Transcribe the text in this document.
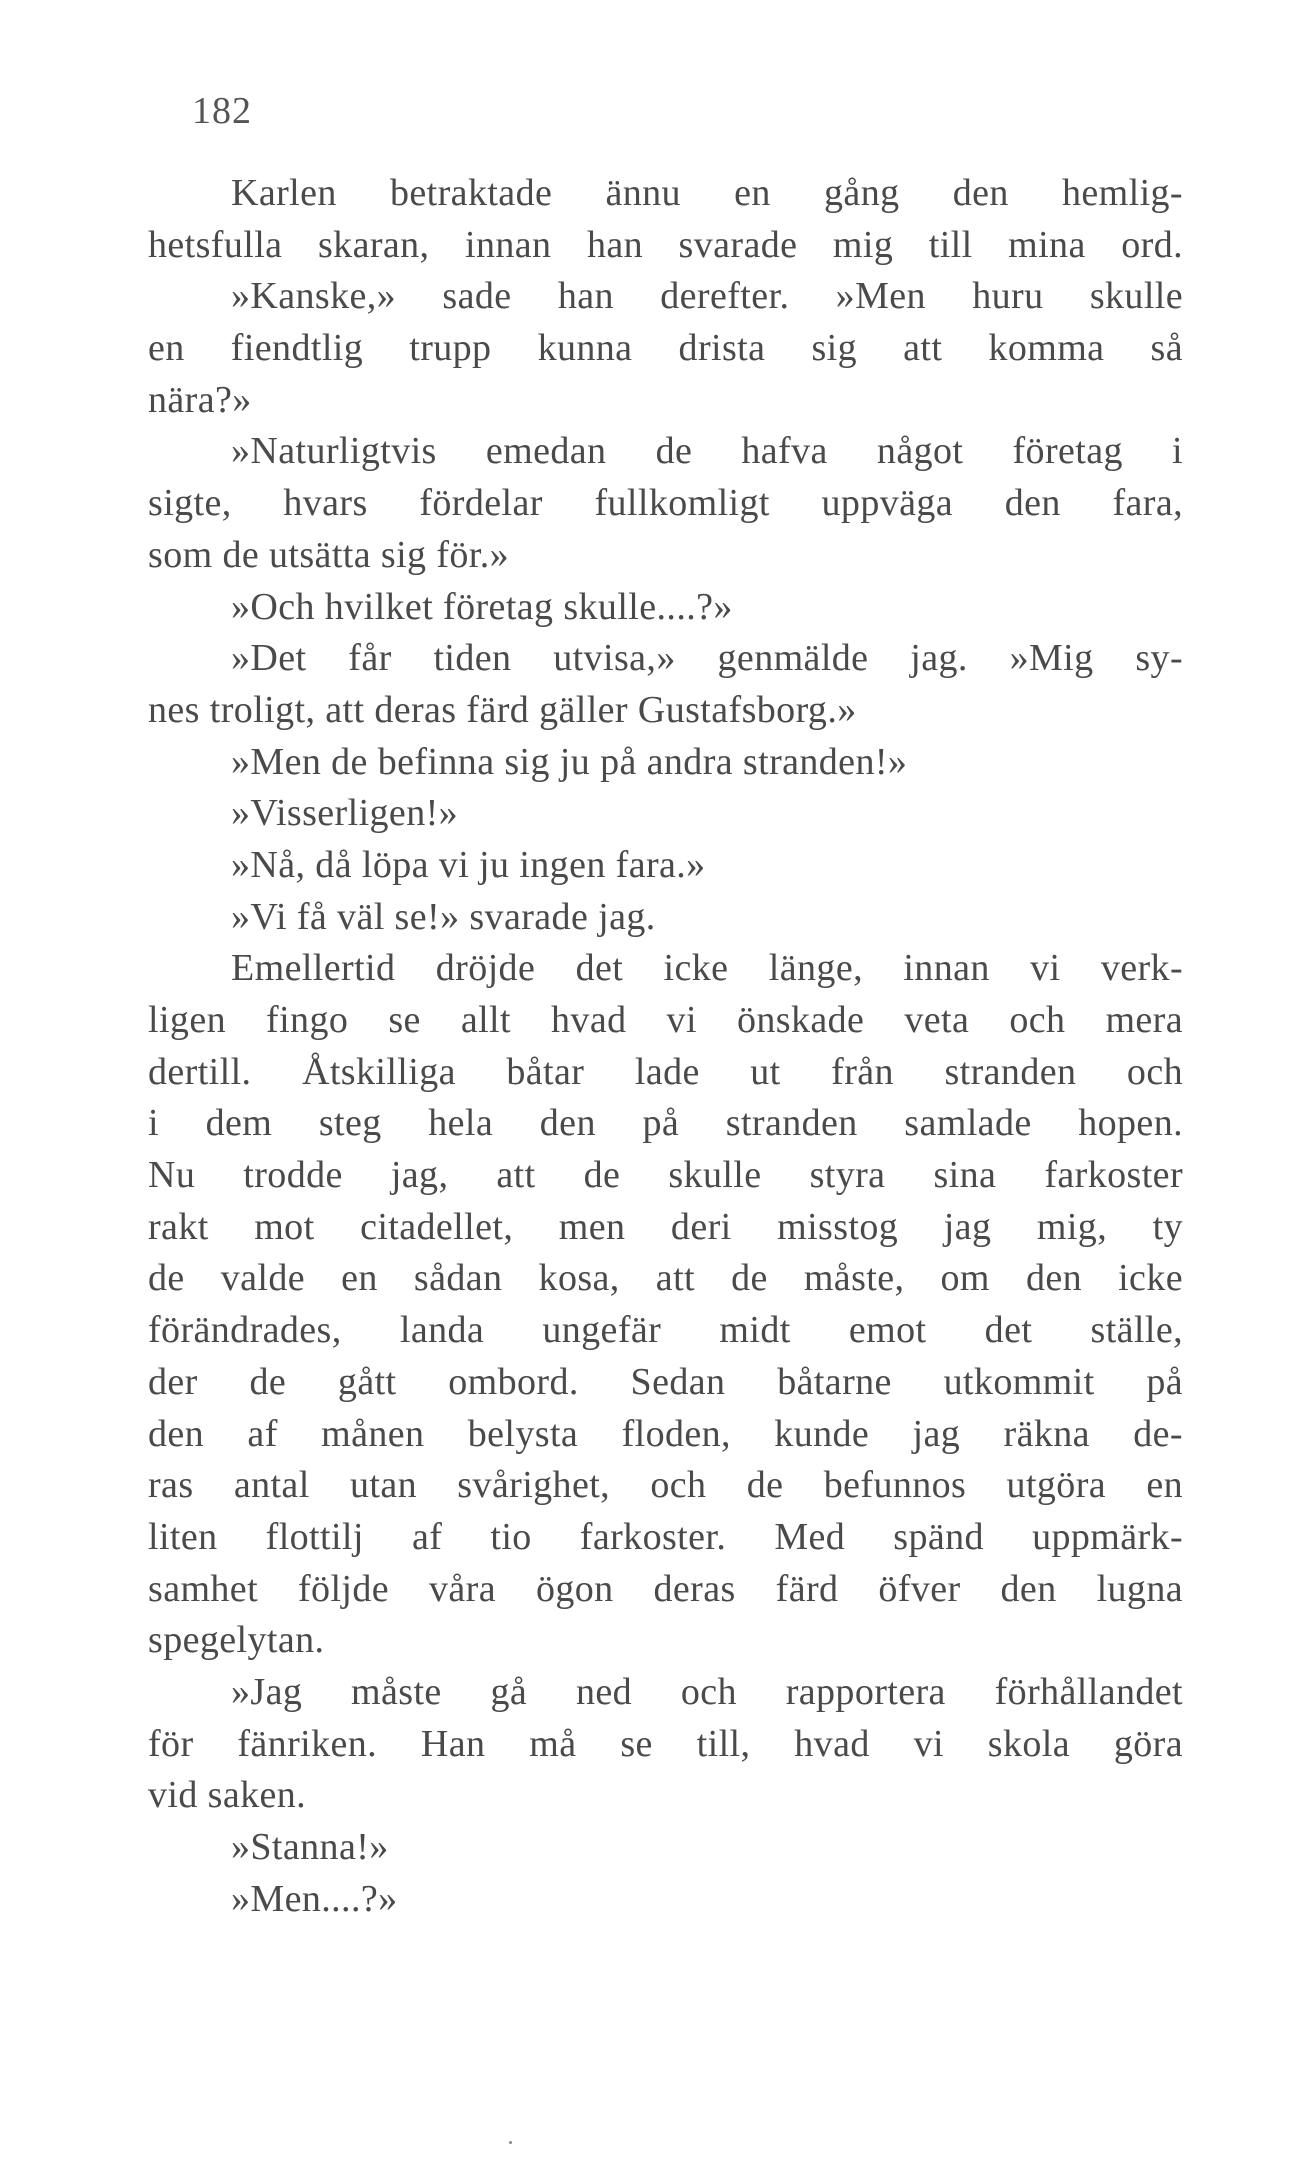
182
Karlen betraktade ännu en gång den hemlig-
hetsfulla skaran, innan han svarade mig till mina ord.
»Kanske,» sade han derefter. »Men huru skulle
en fiendtlig trupp kunna drista sig att komma så
nära?»
»Naturligtvis emedan de hafva något företag i
sigte, hvars fördelar fullkomligt uppväga den fara,
som de utsätta sig för.»
»Och hvilket företag skulle....?»
»Det får tiden utvisa,» genmälde jag. »Mig sy-
nes troligt, att deras färd gäller Gustafsborg.»
»Men de befinna sig ju på andra stranden!»
»Visserligen!»
»Nå, då löpa vi ju ingen fara.»
»Vi få väl se!» svarade jag.
Emellertid dröjde det icke länge, innan vi verk-
ligen fingo se allt hvad vi önskade veta och mera
dertill. Åtskilliga båtar lade ut från stranden och
i dem steg hela den på stranden samlade hopen.
Nu trodde jag, att de skulle styra sina farkoster
rakt mot citadellet, men deri misstog jag mig, ty
de valde en sådan kosa, att de måste, om den icke
förändrades, landa ungefär midt emot det ställe,
der de gått ombord. Sedan båtarne utkommit på
den af månen belysta floden, kunde jag räkna de-
ras antal utan svårighet, och de befunnos utgöra en
liten flottilj af tio farkoster. Med spänd uppmärk-
samhet följde våra ögon deras färd öfver den lugna
spegelytan.
»Jag måste gå ned och rapportera förhållandet
för fänriken. Han må se till, hvad vi skola göra
vid saken.
»Stanna!»
»Men....?»
